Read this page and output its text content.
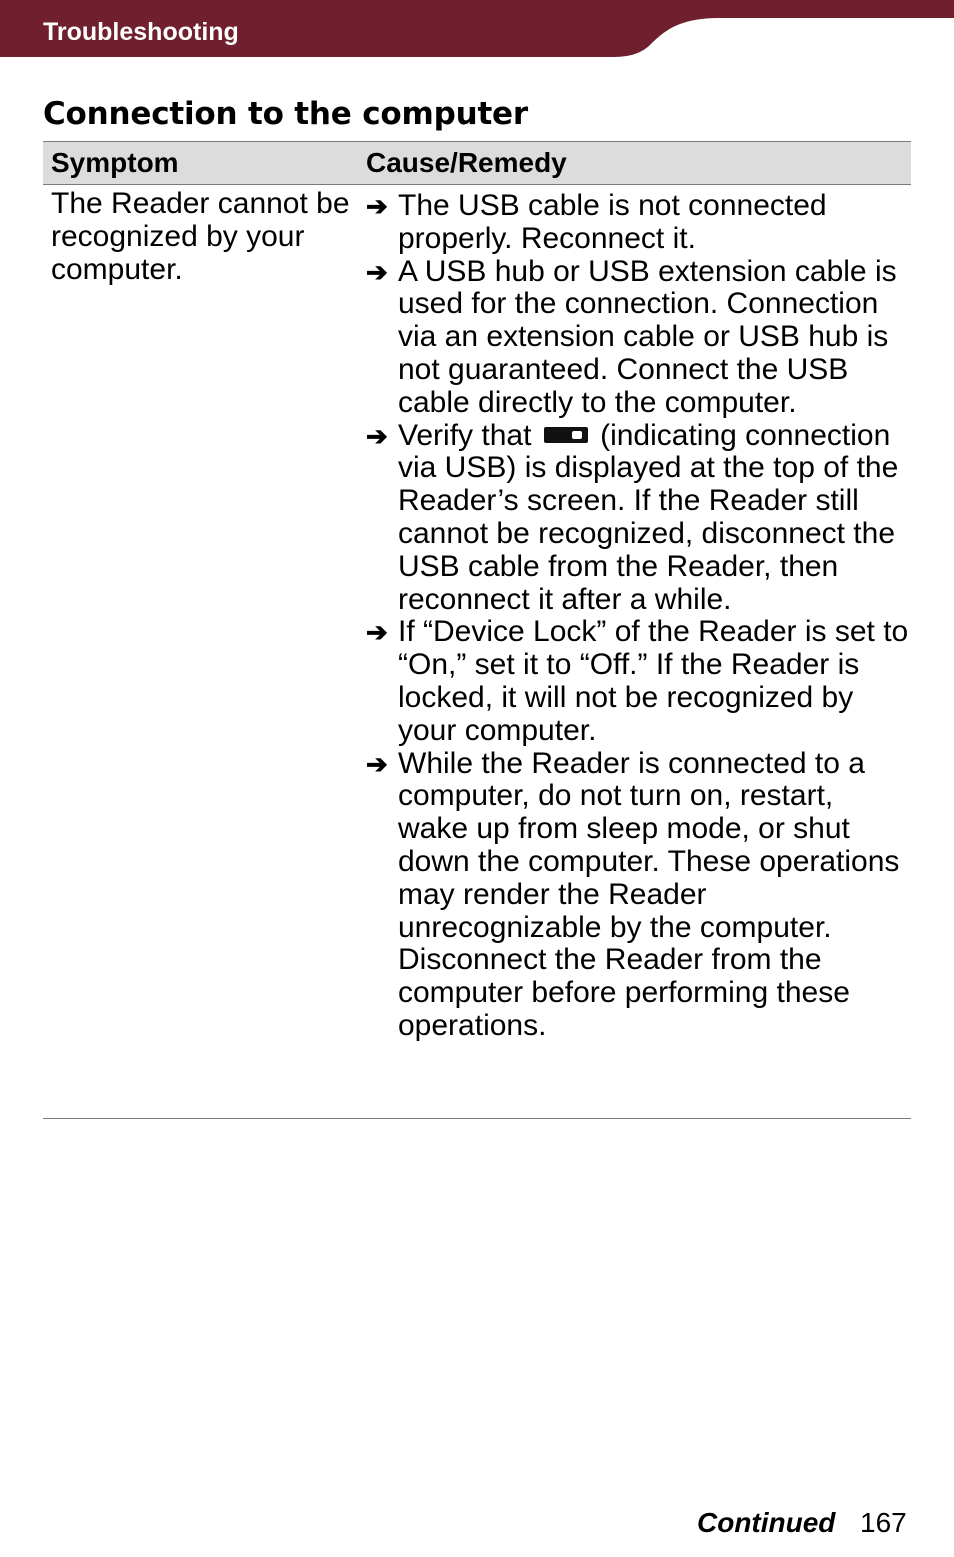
Troubleshooting
Connection to the computer
Symptom	Cause/Remedy
The Reader cannot be recognized by your computer.
➔ The USB cable is not connected properly. Reconnect it.
➔ A USB hub or USB extension cable is used for the connection. Connection via an extension cable or USB hub is not guaranteed. Connect the USB cable directly to the computer.
➔ Verify that (indicating connection via USB) is displayed at the top of the Reader’s screen. If the Reader still cannot be recognized, disconnect the USB cable from the Reader, then reconnect it after a while.
➔ If “Device Lock” of the Reader is set to “On,” set it to “Off.” If the Reader is locked, it will not be recognized by your computer.
➔ While the Reader is connected to a computer, do not turn on, restart, wake up from sleep mode, or shut down the computer. These operations may render the Reader unrecognizable by the computer. Disconnect the Reader from the computer before performing these operations.
Continued 167
